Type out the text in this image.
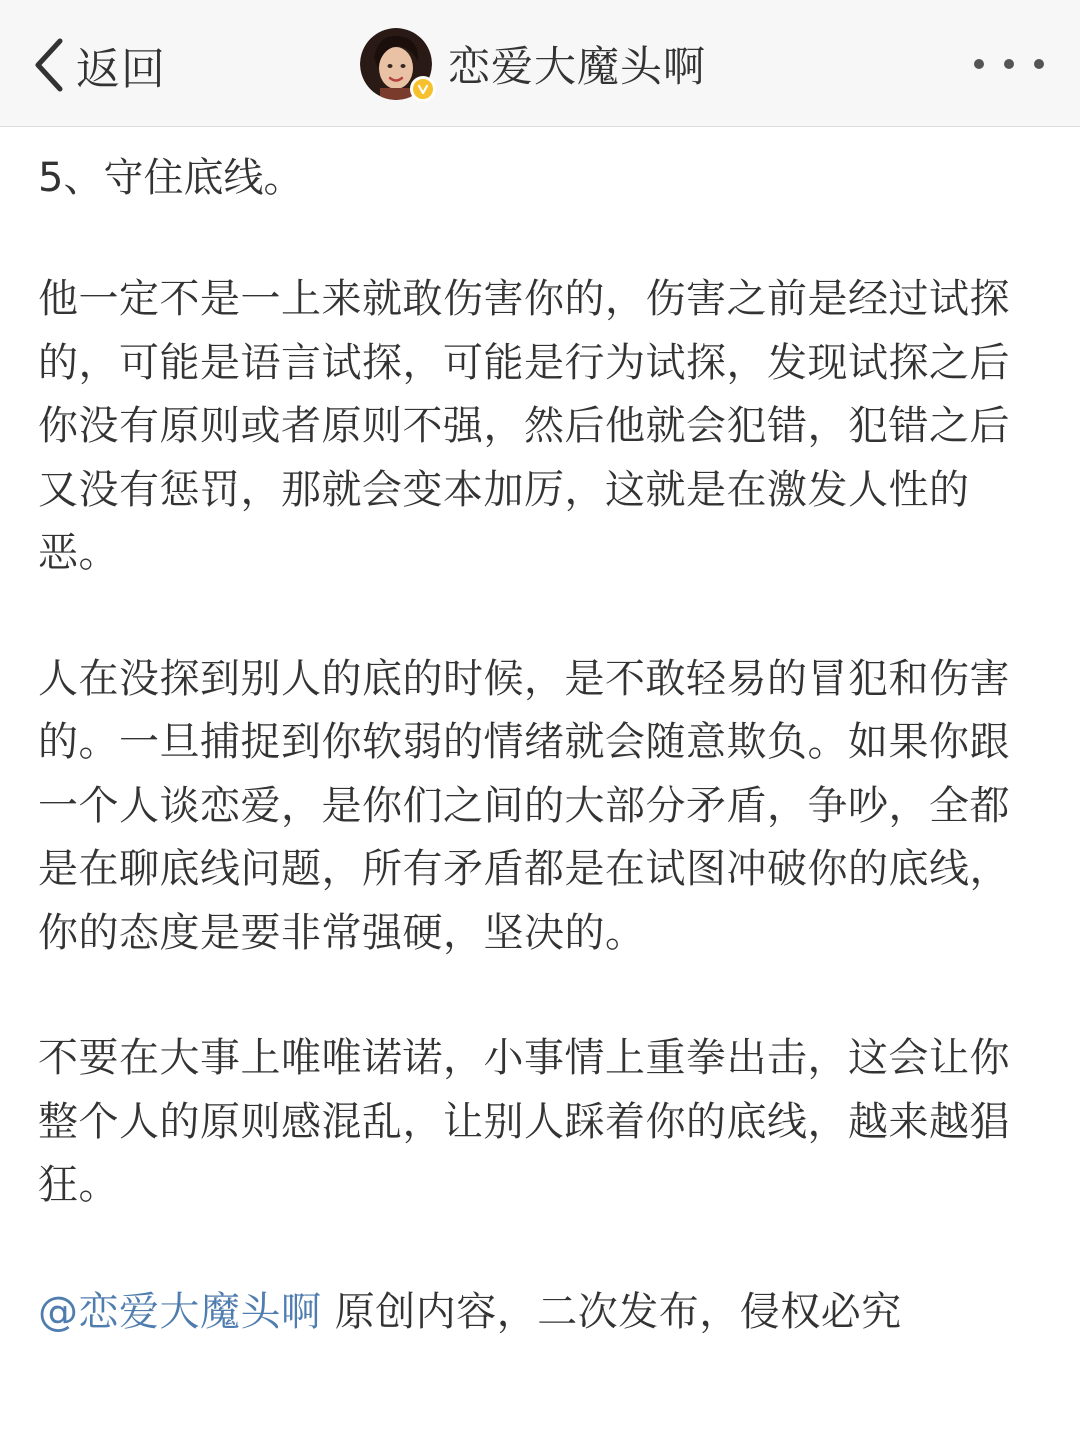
返回	恋爱大魔头啊

5、守住底线。

他一定不是一上来就敢伤害你的，伤害之前是经过试探的，可能是语言试探，可能是行为试探，发现试探之后你没有原则或者原则不强，然后他就会犯错，犯错之后又没有惩罚，那就会变本加厉，这就是在激发人性的恶。

人在没探到别人的底的时候，是不敢轻易的冒犯和伤害的。一旦捕捉到你软弱的情绪就会随意欺负。如果你跟一个人谈恋爱，是你们之间的大部分矛盾，争吵，全都是在聊底线问题，所有矛盾都是在试图冲破你的底线，你的态度是要非常强硬，坚决的。

不要在大事上唯唯诺诺，小事情上重拳出击，这会让你整个人的原则感混乱，让别人踩着你的底线，越来越猖狂。

@恋爱大魔头啊 原创内容，二次发布，侵权必究
